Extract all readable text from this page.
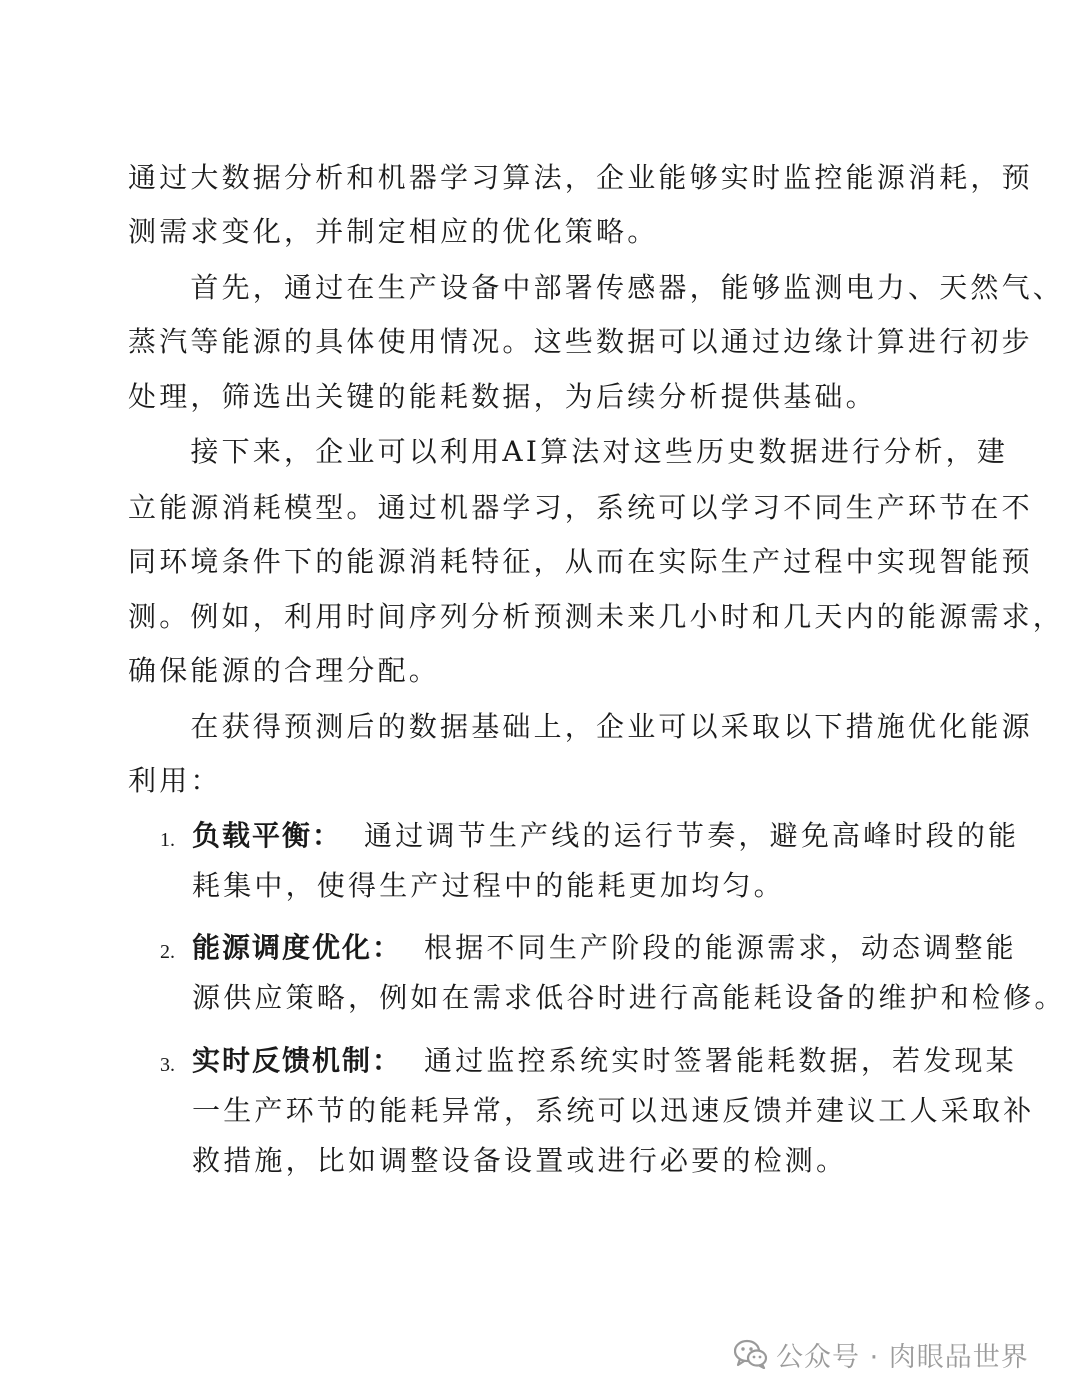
通过大数据分析和机器学习算法，企业能够实时监控能源消耗，预
测需求变化，并制定相应的优化策略。
　　首先，通过在生产设备中部署传感器，能够监测电力、天然气、
蒸汽等能源的具体使用情况。这些数据可以通过边缘计算进行初步
处理，筛选出关键的能耗数据，为后续分析提供基础。
　　接下来，企业可以利用AI算法对这些历史数据进行分析，建
立能源消耗模型。通过机器学习，系统可以学习不同生产环节在不
同环境条件下的能源消耗特征，从而在实际生产过程中实现智能预
测。例如，利用时间序列分析预测未来几小时和几天内的能源需求，
确保能源的合理分配。
　　在获得预测后的数据基础上，企业可以采取以下措施优化能源
利用：
1. 负载平衡： 通过调节生产线的运行节奏，避免高峰时段的能
耗集中，使得生产过程中的能耗更加均匀。
2. 能源调度优化： 根据不同生产阶段的能源需求，动态调整能
源供应策略，例如在需求低谷时进行高能耗设备的维护和检修。
3. 实时反馈机制： 通过监控系统实时签署能耗数据，若发现某
一生产环节的能耗异常，系统可以迅速反馈并建议工人采取补
救措施，比如调整设备设置或进行必要的检测。
公众号 · 肉眼品世界
